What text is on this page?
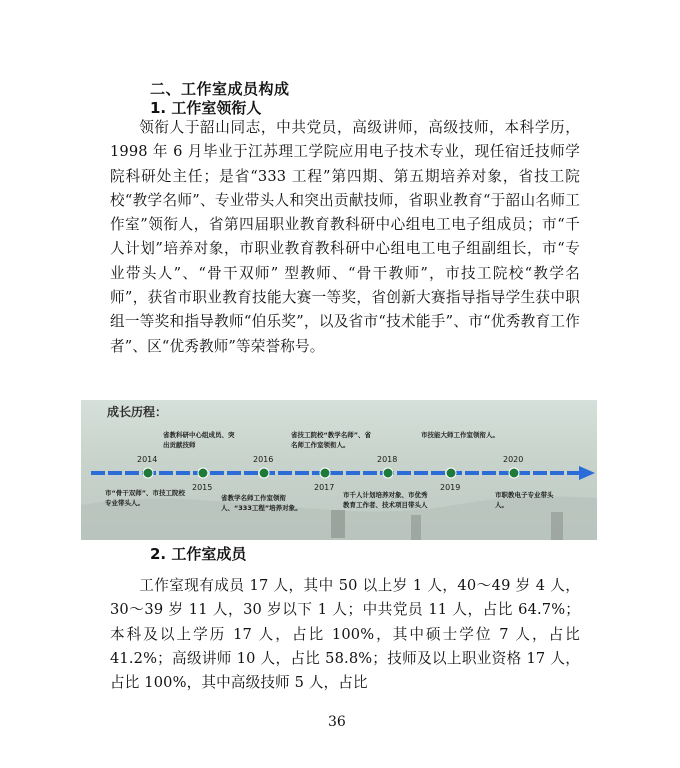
二、工作室成员构成
1. 工作室领衔人
领衔人于韶山同志，中共党员，高级讲师，高级技师，本科学历，1998 年 6 月毕业于江苏理工学院应用电子技术专业，现任宿迁技师学院科研处主任；是省“333 工程”第四期、第五期培养对象，省技工院校“教学名师”、专业带头人和突出贡献技师，省职业教育“于韶山名师工作室”领衔人，省第四届职业教育教科研中心组电工电子组成员；市“千人计划”培养对象，市职业教育教科研中心组电工电子组副组长，市“专业带头人”、“骨干双师” 型教师、“骨干教师”，市技工院校“教学名师”，获省市职业教育技能大赛一等奖，省创新大赛指导指导学生获中职组一等奖和指导教师“伯乐奖”，以及省市“技术能手”、市“优秀教育工作者”、区“优秀教师”等荣誉称号。
成长历程：
2014
2015
2016
2017
2018
2019
2020
市“骨干双师”、市技工院校专业带头人。
省教科研中心组成员、突出贡献技师
省教学名师工作室领衔人、“333工程”培养对象。
省技工院校“教学名师”、省名师工作室领衔人。
市千人计划培养对象、市优秀教育工作者、技术项目带头人
市技能大师工作室领衔人。
市职教电子专业带头人。
2. 工作室成员
工作室现有成员 17 人，其中 50 以上岁 1 人，40～49 岁 4 人，30～39 岁 11 人，30 岁以下 1 人；中共党员 11 人，占比 64.7%；本科及以上学历 17 人，占比 100%，其中硕士学位 7 人，占比 41.2%；高级讲师 10 人，占比 58.8%；技师及以上职业资格 17 人，占比 100%，其中高级技师 5 人，占比
36
